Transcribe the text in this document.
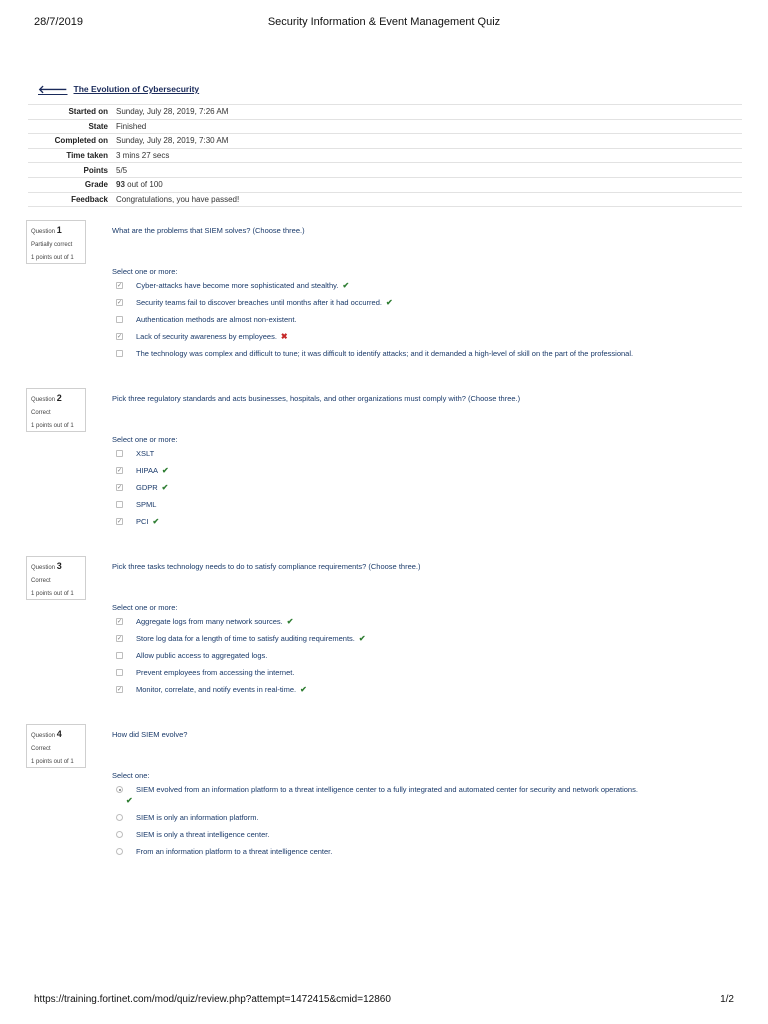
28/7/2019	Security Information & Event Management Quiz
🡐 The Evolution of Cybersecurity
Started on	Sunday, July 28, 2019, 7:26 AM
State	Finished
Completed on	Sunday, July 28, 2019, 7:30 AM
Time taken	3 mins 27 secs
Points	5/5
Grade	93 out of 100
Feedback	Congratulations, you have passed!
Question 1
Partially correct
1 points out of 1
What are the problems that SIEM solves? (Choose three.)
Select one or more:
✓ Cyber-attacks have become more sophisticated and stealthy. ✔
✓ Security teams fail to discover breaches until months after it had occurred. ✔
Authentication methods are almost non-existent.
✓ Lack of security awareness by employees. ✖
The technology was complex and difficult to tune; it was difficult to identify attacks; and it demanded a high-level of skill on the part of the professional.
Question 2
Correct
1 points out of 1
Pick three regulatory standards and acts businesses, hospitals, and other organizations must comply with? (Choose three.)
Select one or more:
XSLT
✓ HIPAA ✔
✓ GDPR ✔
SPML
✓ PCI ✔
Question 3
Correct
1 points out of 1
Pick three tasks technology needs to do to satisfy compliance requirements? (Choose three.)
Select one or more:
✓ Aggregate logs from many network sources. ✔
✓ Store log data for a length of time to satisfy auditing requirements. ✔
Allow public access to aggregated logs.
Prevent employees from accessing the internet.
✓ Monitor, correlate, and notify events in real-time. ✔
Question 4
Correct
1 points out of 1
How did SIEM evolve?
Select one:
SIEM evolved from an information platform to a threat intelligence center to a fully integrated and automated center for security and network operations.
✔
SIEM is only an information platform.
SIEM is only a threat intelligence center.
From an information platform to a threat intelligence center.
https://training.fortinet.com/mod/quiz/review.php?attempt=1472415&cmid=12860	1/2
